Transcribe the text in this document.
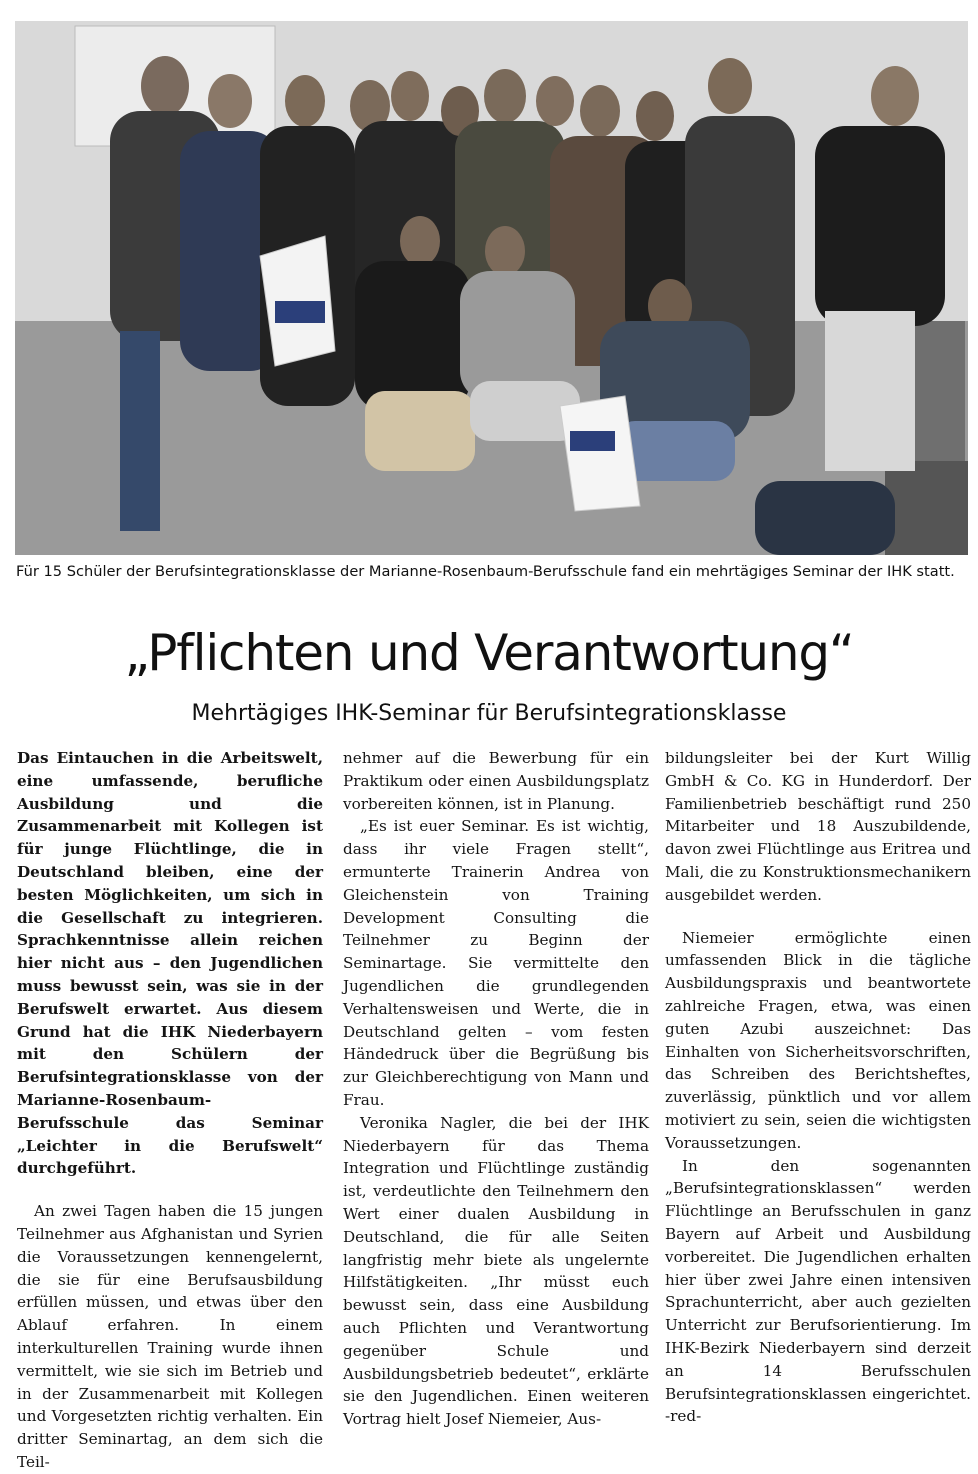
Für 15 Schüler der Berufsintegrationsklasse der Marianne-Rosenbaum-Berufsschule fand ein mehrtägiges Seminar der IHK statt.
„Pflichten und Verantwortung“
Mehrtägiges IHK-Seminar für Berufsintegrationsklasse

Das Eintauchen in die Arbeitswelt, eine umfassende, berufliche Ausbildung und die Zusammenarbeit mit Kollegen ist für junge Flüchtlinge, die in Deutschland bleiben, eine der besten Möglichkeiten, um sich in die Gesellschaft zu integrieren. Sprachkenntnisse allein reichen hier nicht aus – den Jugendlichen muss bewusst sein, was sie in der Berufswelt erwartet. Aus diesem Grund hat die IHK Niederbayern mit den Schülern der Berufsintegrationsklasse von der Marianne-Rosenbaum-Berufsschule das Seminar „Leichter in die Berufswelt“ durchgeführt.

An zwei Tagen haben die 15 jungen Teilnehmer aus Afghanistan und Syrien die Voraussetzungen kennengelernt, die sie für eine Berufsausbildung erfüllen müssen, und etwas über den Ablauf erfahren. In einem interkulturellen Training wurde ihnen vermittelt, wie sie sich im Betrieb und in der Zusammenarbeit mit Kollegen und Vorgesetzten richtig verhalten. Ein dritter Seminartag, an dem sich die Teil-

nehmer auf die Bewerbung für ein Praktikum oder einen Ausbildungsplatz vorbereiten können, ist in Planung.

„Es ist euer Seminar. Es ist wichtig, dass ihr viele Fragen stellt“, ermunterte Trainerin Andrea von Gleichenstein von Training Development Consulting die Teilnehmer zu Beginn der Seminartage. Sie vermittelte den Jugendlichen die grundlegenden Verhaltensweisen und Werte, die in Deutschland gelten – vom festen Händedruck über die Begrüßung bis zur Gleichberechtigung von Mann und Frau.

Veronika Nagler, die bei der IHK Niederbayern für das Thema Integration und Flüchtlinge zuständig ist, verdeutlichte den Teilnehmern den Wert einer dualen Ausbildung in Deutschland, die für alle Seiten langfristig mehr biete als ungelernte Hilfstätigkeiten. „Ihr müsst euch bewusst sein, dass eine Ausbildung auch Pflichten und Verantwortung gegenüber Schule und Ausbildungsbetrieb bedeutet“, erklärte sie den Jugendlichen. Einen weiteren Vortrag hielt Josef Niemeier, Aus-

bildungsleiter bei der Kurt Willig GmbH & Co. KG in Hunderdorf. Der Familienbetrieb beschäftigt rund 250 Mitarbeiter und 18 Auszubildende, davon zwei Flüchtlinge aus Eritrea und Mali, die zu Konstruktionsmechanikern ausgebildet werden.

Niemeier ermöglichte einen umfassenden Blick in die tägliche Ausbildungspraxis und beantwortete zahlreiche Fragen, etwa, was einen guten Azubi auszeichnet: Das Einhalten von Sicherheitsvorschriften, das Schreiben des Berichtsheftes, zuverlässig, pünktlich und vor allem motiviert zu sein, seien die wichtigsten Voraussetzungen.

In den sogenannten „Berufsintegrationsklassen“ werden Flüchtlinge an Berufsschulen in ganz Bayern auf Arbeit und Ausbildung vorbereitet. Die Jugendlichen erhalten hier über zwei Jahre einen intensiven Sprachunterricht, aber auch gezielten Unterricht zur Berufsorientierung. Im IHK-Bezirk Niederbayern sind derzeit an 14 Berufsschulen Berufsintegrationsklassen eingerichtet. -red-
